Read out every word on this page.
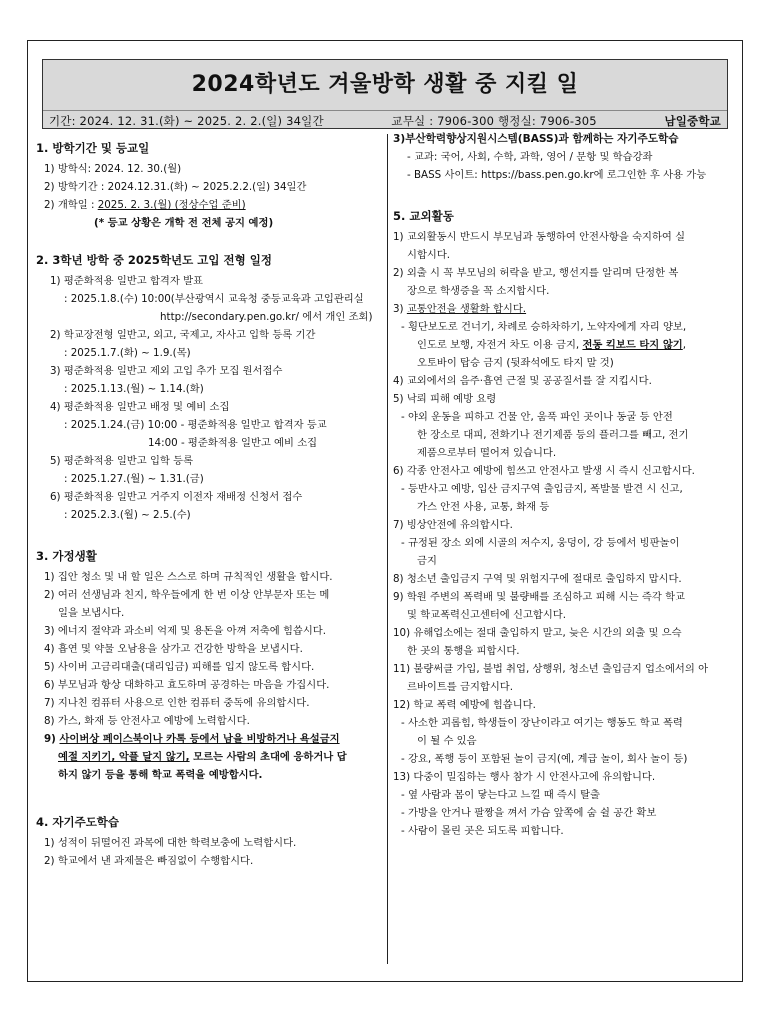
2024학년도 겨울방학 생활 중 지킬 일
기간: 2024. 12. 31.(화) ~ 2025. 2. 2.(일) 34일간	교무실 : 7906-300 행정실: 7906-305	남일중학교
1. 방학기간 및 등교일
1) 방학식: 2024. 12. 30.(월)
2) 방학기간 : 2024.12.31.(화) ~ 2025.2.2.(일) 34일간
2) 개학일 : 2025. 2. 3.(월) (정상수업 준비)
(* 등교 상황은 개학 전 전체 공지 예정)
2. 3학년 방학 중 2025학년도 고입 전형 일정
1) 평준화적용 일반고 합격자 발표
: 2025.1.8.(수) 10:00(부산광역시 교육청 중등교육과 고입관리실
http://secondary.pen.go.kr/ 에서 개인 조회)
2) 학교장전형 일반고, 외고, 국제고, 자사고 입학 등록 기간
: 2025.1.7.(화) ~ 1.9.(목)
3) 평준화적용 일반고 제외 고입 추가 모집 원서접수
: 2025.1.13.(월) ~ 1.14.(화)
4) 평준화적용 일반고 배정 및 예비 소집
: 2025.1.24.(금) 10:00 - 평준화적용 일반고 합격자 등교
14:00 - 평준화적용 일반고 예비 소집
5) 평준화적용 일반고 입학 등록
: 2025.1.27.(월) ~ 1.31.(금)
6) 평준화적용 일반고 거주지 이전자 재배정 신청서 접수
: 2025.2.3.(월) ~ 2.5.(수)
3. 가정생활
1) 집안 청소 및 내 할 일은 스스로 하며 규칙적인 생활을 합시다.
2) 여러 선생님과 친지, 학우들에게 한 번 이상 안부문자 또는 메
일을 보냅시다.
3) 에너지 절약과 과소비 억제 및 용돈을 아껴 저축에 힘씁시다.
4) 흡연 및 약물 오남용을 삼가고 건강한 방학을 보냅시다.
5) 사이버 고금리대출(대리입금) 피해를 입지 않도록 합시다.
6) 부모님과 항상 대화하고 효도하며 공경하는 마음을 가집시다.
7) 지나친 컴퓨터 사용으로 인한 컴퓨터 중독에 유의합시다.
8) 가스, 화재 등 안전사고 예방에 노력합시다.
9) 사이버상 페이스북이나 카톡 등에서 남을 비방하거나 욕설금지
예절 지키기, 악플 달지 않기, 모르는 사람의 초대에 응하거나 답
하지 않기 등을 통해 학교 폭력을 예방합시다.
4. 자기주도학습
1) 성적이 뒤떨어진 과목에 대한 학력보충에 노력합시다.
2) 학교에서 낸 과제물은 빠짐없이 수행합시다.
3)부산학력향상지원시스템(BASS)과 함께하는 자기주도학습
- 교과: 국어, 사회, 수학, 과학, 영어 / 문항 및 학습강좌
- BASS 사이트: https://bass.pen.go.kr에 로그인한 후 사용 가능
5. 교외활동
1) 교외활동시 반드시 부모님과 동행하여 안전사항을 숙지하여 실
시합시다.
2) 외출 시 꼭 부모님의 허락을 받고, 행선지를 알리며 단정한 복
장으로 학생증을 꼭 소지합시다.
3) 교통안전을 생활화 합시다.
- 횡단보도로 건너기, 차례로 승하차하기, 노약자에게 자리 양보,
인도로 보행, 자전거 차도 이용 금지, 전동 킥보드 타지 않기,
오토바이 탑승 금지 (뒷좌석에도 타지 말 것)
4) 교외에서의 음주·흡연 근절 및 공공질서를 잘 지킵시다.
5) 낙뢰 피해 예방 요령
- 야외 운동을 피하고 건물 안, 움푹 파인 곳이나 동굴 등 안전
한 장소로 대피, 전화기나 전기제품 등의 플러그를 빼고, 전기
제품으로부터 떨어져 있습니다.
6) 각종 안전사고 예방에 힘쓰고 안전사고 발생 시 즉시 신고합시다.
- 등반사고 예방, 입산 금지구역 출입금지, 폭발물 발견 시 신고,
가스 안전 사용, 교통, 화재 등
7) 빙상안전에 유의합시다.
- 규정된 장소 외에 시골의 저수지, 웅덩이, 강 등에서 빙판놀이
금지
8) 청소년 출입금지 구역 및 위험지구에 절대로 출입하지 맙시다.
9) 학원 주변의 폭력배 및 불량배를 조심하고 피해 시는 즉각 학교
및 학교폭력신고센터에 신고합시다.
10) 유해업소에는 절대 출입하지 말고, 늦은 시간의 외출 및 으슥
한 곳의 통행을 피합시다.
11) 불량써클 가입, 불법 취업, 상행위, 청소년 출입금지 업소에서의 아
르바이트를 금지합시다.
12) 학교 폭력 예방에 힘씁니다.
- 사소한 괴롭힘, 학생들이 장난이라고 여기는 행동도 학교 폭력
이 될 수 있음
- 강요, 폭행 등이 포함된 놀이 금지(예, 계급 놀이, 회사 놀이 등)
13) 다중이 밀집하는 행사 참가 시 안전사고에 유의합니다.
- 옆 사람과 몸이 닿는다고 느낄 때 즉시 탈출
- 가방을 안거나 팔짱을 껴서 가슴 앞쪽에 숨 쉴 공간 확보
- 사람이 몰린 곳은 되도록 피합니다.
